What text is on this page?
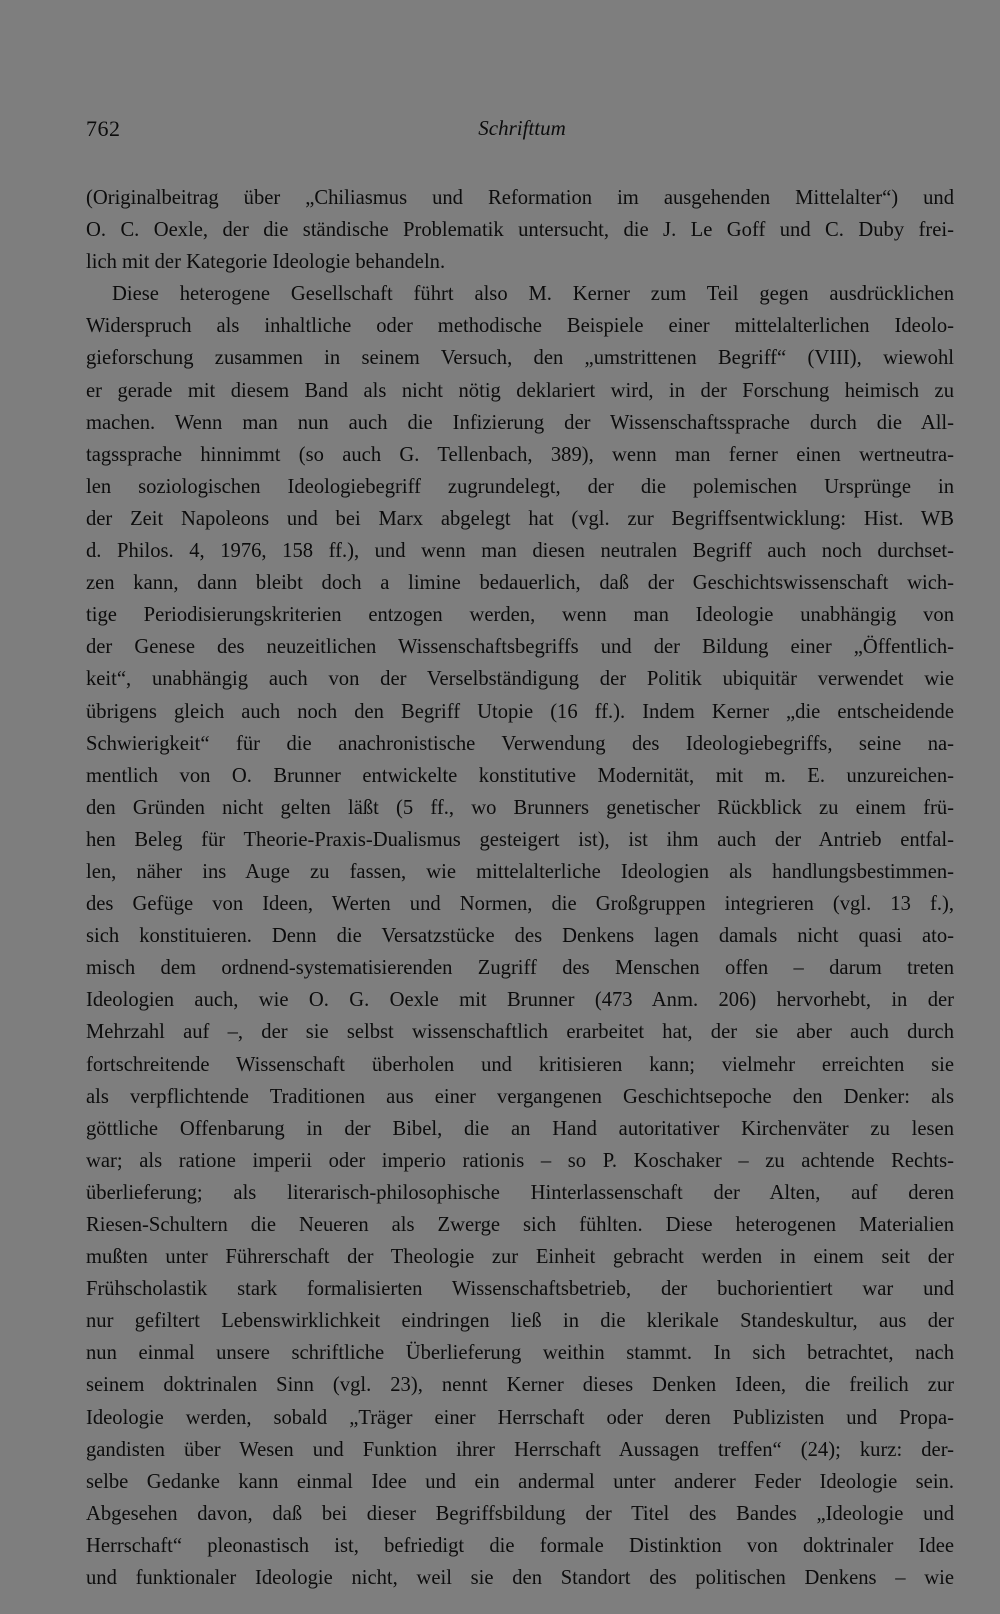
762	Schrifttum
(Originalbeitrag über „Chiliasmus und Reformation im ausgehenden Mittelalter“) und
O. C. Oexle, der die ständische Problematik untersucht, die J. Le Goff und C. Duby frei-
lich mit der Kategorie Ideologie behandeln.
Diese heterogene Gesellschaft führt also M. Kerner zum Teil gegen ausdrücklichen
Widerspruch als inhaltliche oder methodische Beispiele einer mittelalterlichen Ideolo-
gieforschung zusammen in seinem Versuch, den „umstrittenen Begriff“ (VIII), wiewohl
er gerade mit diesem Band als nicht nötig deklariert wird, in der Forschung heimisch zu
machen. Wenn man nun auch die Infizierung der Wissenschaftssprache durch die All-
tagssprache hinnimmt (so auch G. Tellenbach, 389), wenn man ferner einen wertneutra-
len soziologischen Ideologiebegriff zugrundelegt, der die polemischen Ursprünge in
der Zeit Napoleons und bei Marx abgelegt hat (vgl. zur Begriffsentwicklung: Hist. WB
d. Philos. 4, 1976, 158 ff.), und wenn man diesen neutralen Begriff auch noch durchset-
zen kann, dann bleibt doch a limine bedauerlich, daß der Geschichtswissenschaft wich-
tige Periodisierungskriterien entzogen werden, wenn man Ideologie unabhängig von
der Genese des neuzeitlichen Wissenschaftsbegriffs und der Bildung einer „Öffentlich-
keit“, unabhängig auch von der Verselbständigung der Politik ubiquitär verwendet wie
übrigens gleich auch noch den Begriff Utopie (16 ff.). Indem Kerner „die entscheidende
Schwierigkeit“ für die anachronistische Verwendung des Ideologiebegriffs, seine na-
mentlich von O. Brunner entwickelte konstitutive Modernität, mit m. E. unzureichen-
den Gründen nicht gelten läßt (5 ff., wo Brunners genetischer Rückblick zu einem frü-
hen Beleg für Theorie-Praxis-Dualismus gesteigert ist), ist ihm auch der Antrieb entfal-
len, näher ins Auge zu fassen, wie mittelalterliche Ideologien als handlungsbestimmen-
des Gefüge von Ideen, Werten und Normen, die Großgruppen integrieren (vgl. 13 f.),
sich konstituieren. Denn die Versatzstücke des Denkens lagen damals nicht quasi ato-
misch dem ordnend-systematisierenden Zugriff des Menschen offen – darum treten
Ideologien auch, wie O. G. Oexle mit Brunner (473 Anm. 206) hervorhebt, in der
Mehrzahl auf –, der sie selbst wissenschaftlich erarbeitet hat, der sie aber auch durch
fortschreitende Wissenschaft überholen und kritisieren kann; vielmehr erreichten sie
als verpflichtende Traditionen aus einer vergangenen Geschichtsepoche den Denker: als
göttliche Offenbarung in der Bibel, die an Hand autoritativer Kirchenväter zu lesen
war; als ratione imperii oder imperio rationis – so P. Koschaker – zu achtende Rechts-
überlieferung; als literarisch-philosophische Hinterlassenschaft der Alten, auf deren
Riesen-Schultern die Neueren als Zwerge sich fühlten. Diese heterogenen Materialien
mußten unter Führerschaft der Theologie zur Einheit gebracht werden in einem seit der
Frühscholastik stark formalisierten Wissenschaftsbetrieb, der buchorientiert war und
nur gefiltert Lebenswirklichkeit eindringen ließ in die klerikale Standeskultur, aus der
nun einmal unsere schriftliche Überlieferung weithin stammt. In sich betrachtet, nach
seinem doktrinalen Sinn (vgl. 23), nennt Kerner dieses Denken Ideen, die freilich zur
Ideologie werden, sobald „Träger einer Herrschaft oder deren Publizisten und Propa-
gandisten über Wesen und Funktion ihrer Herrschaft Aussagen treffen“ (24); kurz: der-
selbe Gedanke kann einmal Idee und ein andermal unter anderer Feder Ideologie sein.
Abgesehen davon, daß bei dieser Begriffsbildung der Titel des Bandes „Ideologie und
Herrschaft“ pleonastisch ist, befriedigt die formale Distinktion von doktrinaler Idee
und funktionaler Ideologie nicht, weil sie den Standort des politischen Denkens – wie
